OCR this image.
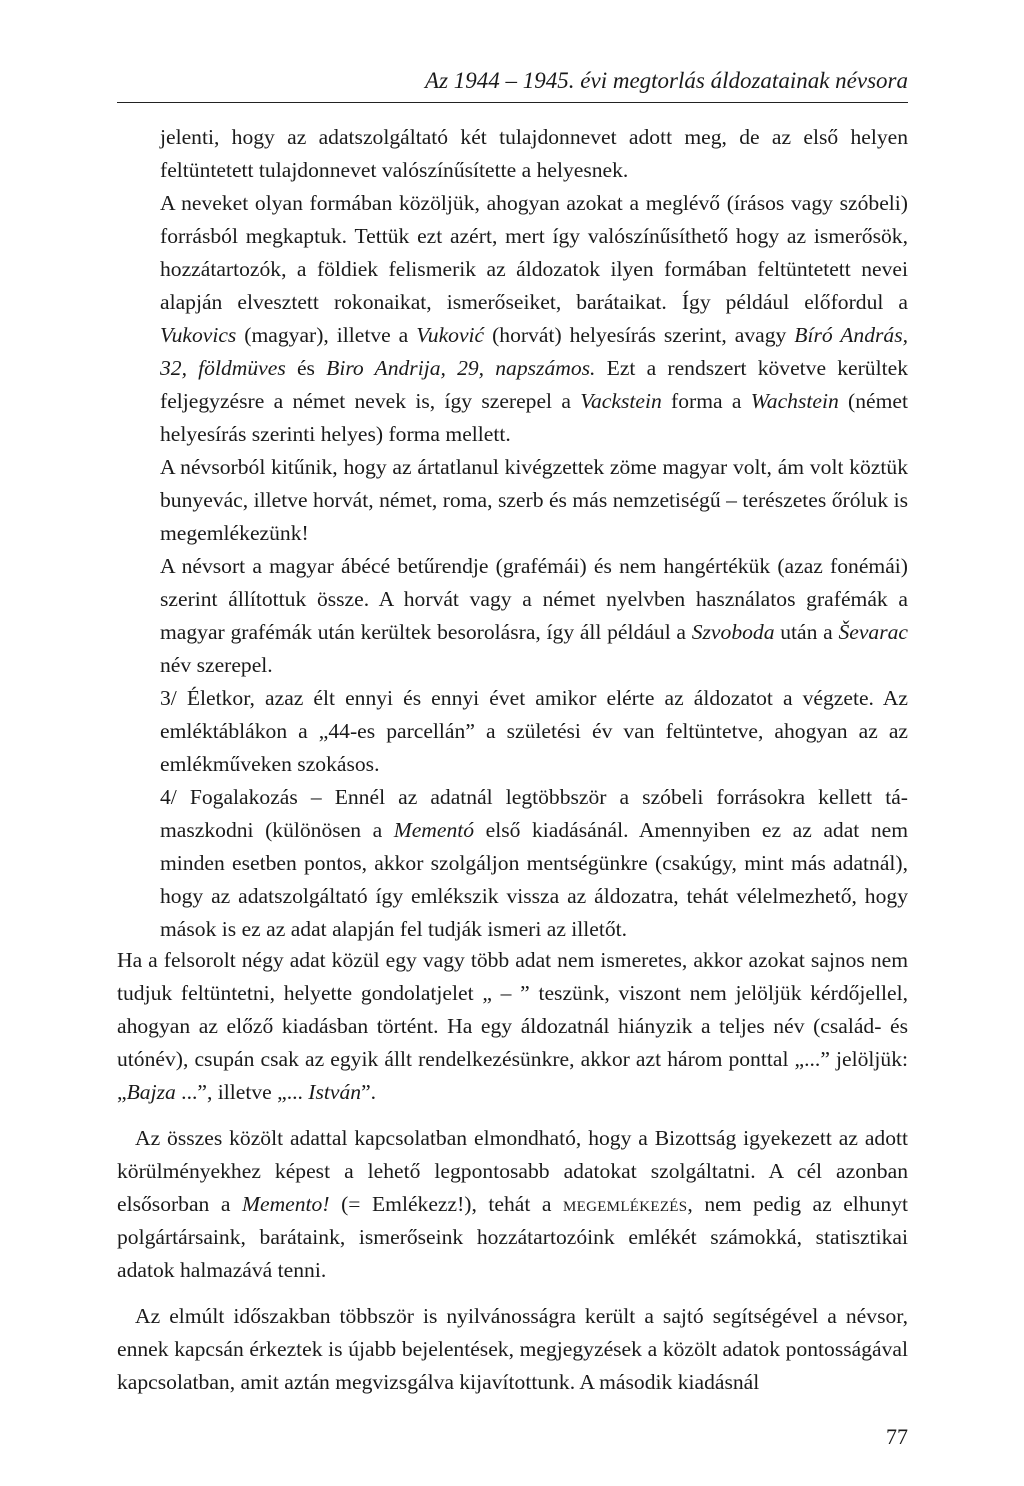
Az 1944 – 1945. évi megtorlás áldozatainak névsora

jelenti, hogy az adatszolgáltató két tulajdonnevet adott meg, de az első helyen feltüntetett tulajdonnevet valószínűsítette a helyesnek.

A neveket olyan formában közöljük, ahogyan azokat a meglévő (írásos vagy szóbeli) forrásból megkaptuk. Tettük ezt azért, mert így valószínűsíthető hogy az ismerősök, hozzátartozók, a földiek felismerik az áldozatok ilyen formában feltüntetett nevei alapján elvesztett rokonaikat, ismerőseiket, barátaikat. Így például előfordul a Vukovics (magyar), illetve a Vuković (horvát) helyesírás szerint, avagy Bíró András, 32, földmüves és Biro Andrija, 29, napszámos. Ezt a rendszert követve kerültek feljegyzésre a német nevek is, így szerepel a Vackstein forma a Wachstein (német helyesírás szerinti helyes) forma mellett.

A névsorból kitűnik, hogy az ártatlanul kivégzettek zöme magyar volt, ám volt köztük bunyevác, illetve horvát, német, roma, szerb és más nemzetiségű – terészetes őróluk is megemlékezünk!

A névsort a magyar ábécé betűrendje (grafémái) és nem hangértékük (azaz fonémái) szerint állítottuk össze. A horvát vagy a német nyelvben használatos grafémák a magyar grafémák után kerültek besorolásra, így áll például a Szvoboda után a Ševarac név szerepel.

3/ Életkor, azaz élt ennyi és ennyi évet amikor elérte az áldozatot a végzete. Az emléktáblákon a „44-es parcellán” a születési év van feltüntetve, ahogyan az az emlékműveken szokásos.

4/ Fogalakozás – Ennél az adatnál legtöbbször a szóbeli forrásokra kellett támaszkodni (különösen a Mementó első kiadásánál. Amennyiben ez az adat nem minden esetben pontos, akkor szolgáljon mentségünkre (csakúgy, mint más adatnál), hogy az adatszolgáltató így emlékszik vissza az áldozatra, tehát vélelmezhető, hogy mások is ez az adat alapján fel tudják ismeri az illetőt.

Ha a felsorolt négy adat közül egy vagy több adat nem ismeretes, akkor azokat sajnos nem tudjuk feltüntetni, helyette gondolatjelet „ – ” teszünk, viszont nem jelöljük kérdőjellel, ahogyan az előző kiadásban történt. Ha egy áldozatnál hiányzik a teljes név (család- és utónév), csupán csak az egyik állt rendelkezésünkre, akkor azt három ponttal „...” jelöljük: „Bajza ...”, illetve „... István”.

Az összes közölt adattal kapcsolatban elmondható, hogy a Bizottság igyekezett az adott körülményekhez képest a lehető legpontosabb adatokat szolgáltatni. A cél azonban elsősorban a Memento! (= Emlékezz!), tehát a megemlékezés, nem pedig az elhunyt polgártársaink, barátaink, ismerőseink hozzátartozóink emlékét számokká, statisztikai adatok halmazává tenni.

Az elmúlt időszakban többször is nyilvánosságra került a sajtó segítségével a névsor, ennek kapcsán érkeztek is újabb bejelentések, megjegyzések a közölt adatok pontosságával kapcsolatban, amit aztán megvizsgálva kijavítottunk. A második kiadásnál

77
